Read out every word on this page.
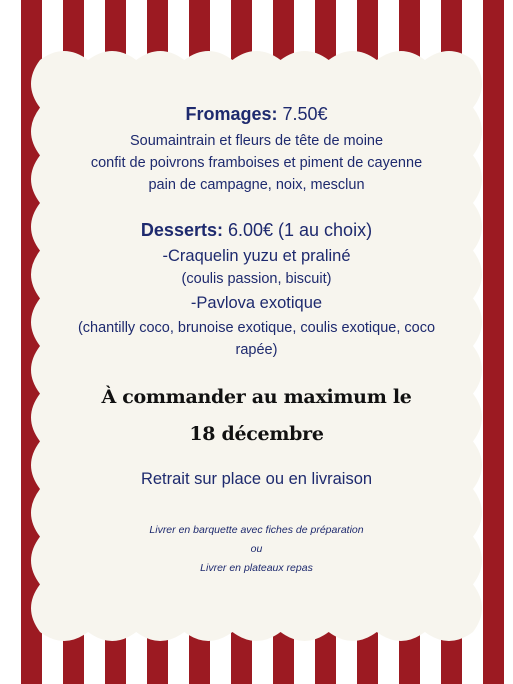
Fromages: 7.50€
Soumaintrain et fleurs de tête de moine
confit de poivrons framboises et piment de cayenne
pain de campagne, noix, mesclun
Desserts: 6.00€ (1 au choix)
-Craquelin yuzu et praliné
(coulis passion, biscuit)
-Pavlova exotique
(chantilly coco, brunoise exotique, coulis exotique, coco
rapée)
À commander au maximum le
18 décembre
Retrait sur place ou en livraison
Livrer en barquette avec fiches de préparation
ou
Livrer en plateaux repas
